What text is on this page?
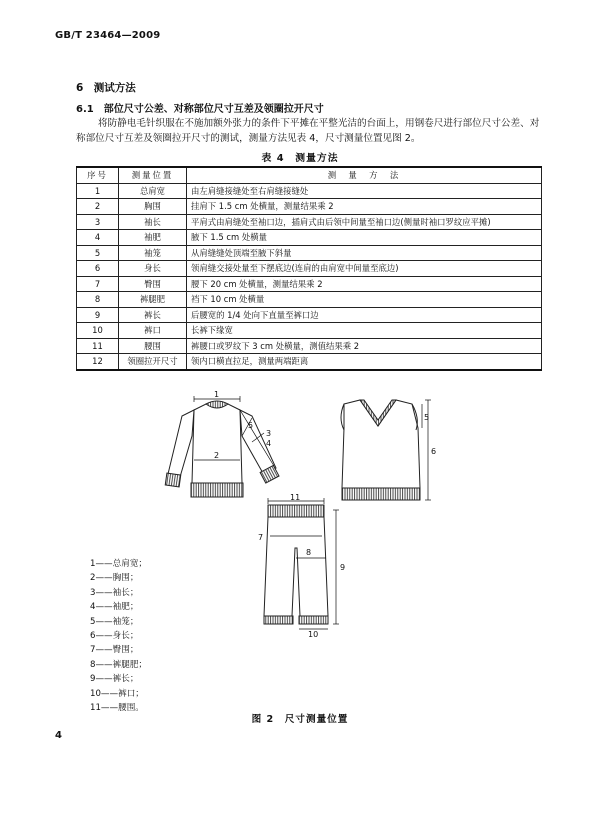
GB/T 23464—2009
6　测试方法
6.1　部位尺寸公差、对称部位尺寸互差及领圈拉开尺寸
将防静电毛针织服在不施加额外张力的条件下平摊在平整光洁的台面上，用钢卷尺进行部位尺寸公差、对称部位尺寸互差及领圈拉开尺寸的测试，测量方法见表 4，尺寸测量位置见图 2。
表 4　测量方法
序号	测量位置	测　量　方　法
1	总肩宽	由左肩缝接缝处至右肩缝接缝处
2	胸围	挂肩下 1.5 cm 处横量，测量结果乘 2
3	袖长	平肩式由肩缝处至袖口边，插肩式由后领中间量至袖口边(侧量时袖口罗纹应平摊)
4	袖肥	腋下 1.5 cm 处横量
5	袖笼	从肩缝缝处顶端至腋下斜量
6	身长	领肩缝交接处量至下摆底边(连肩的由肩宽中间量至底边)
7	臀围	腰下 20 cm 处横量，测量结果乘 2
8	裤腿肥	裆下 10 cm 处横量
9	裤长	后腰宽的 1/4 处向下直量至裤口边
10	裤口	长裤下缘宽
11	腰围	裤腰口或罗纹下 3 cm 处横量，测值结果乘 2
12	领圈拉开尺寸	领内口横直拉足，测量两端距离
1
2
3
4
5
5
6
11
7
8
9
10
1——总肩宽；
2——胸围；
3——袖长；
4——袖肥；
5——袖笼；
6——身长；
7——臀围；
8——裤腿肥；
9——裤长；
10——裤口；
11——腰围。
图 2　尺寸测量位置
4
